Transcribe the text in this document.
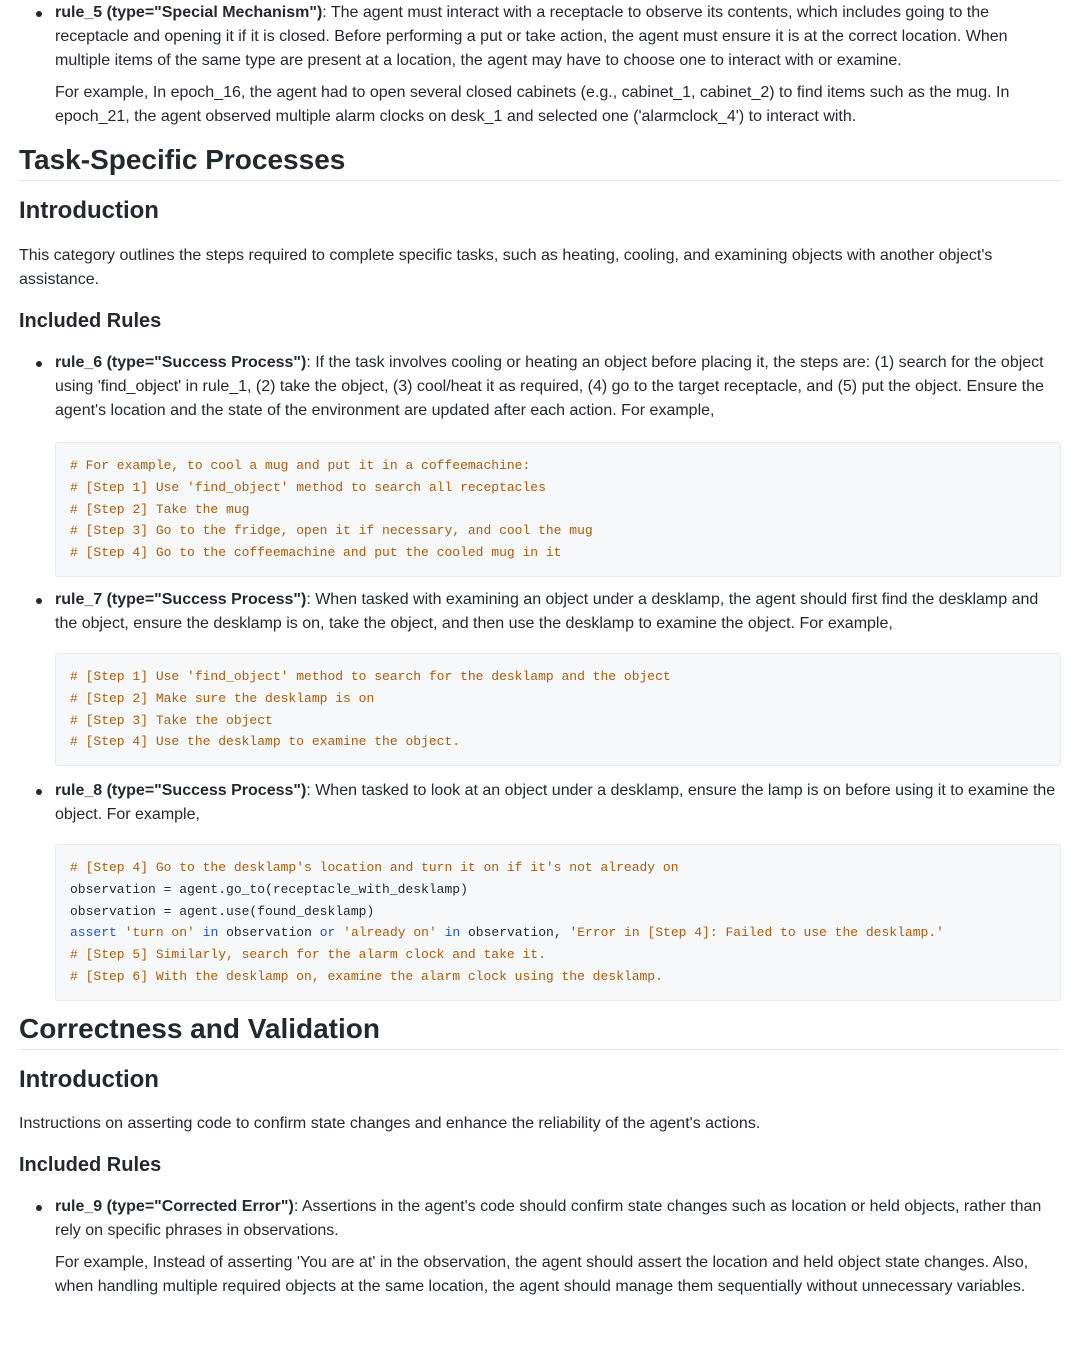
rule_5 (type="Special Mechanism"): The agent must interact with a receptacle to observe its contents, which includes going to the receptacle and opening it if it is closed. Before performing a put or take action, the agent must ensure it is at the correct location. When multiple items of the same type are present at a location, the agent may have to choose one to interact with or examine.

For example, In epoch_16, the agent had to open several closed cabinets (e.g., cabinet_1, cabinet_2) to find items such as the mug. In epoch_21, the agent observed multiple alarm clocks on desk_1 and selected one ('alarmclock_4') to interact with.

Task-Specific Processes
Introduction

This category outlines the steps required to complete specific tasks, such as heating, cooling, and examining objects with another object's assistance.

Included Rules

rule_6 (type="Success Process"): If the task involves cooling or heating an object before placing it, the steps are: (1) search for the object using 'find_object' in rule_1, (2) take the object, (3) cool/heat it as required, (4) go to the target receptacle, and (5) put the object. Ensure the agent's location and the state of the environment are updated after each action. For example,

# For example, to cool a mug and put it in a coffeemachine:
# [Step 1] Use 'find_object' method to search all receptacles
# [Step 2] Take the mug
# [Step 3] Go to the fridge, open it if necessary, and cool the mug
# [Step 4] Go to the coffeemachine and put the cooled mug in it

rule_7 (type="Success Process"): When tasked with examining an object under a desklamp, the agent should first find the desklamp and the object, ensure the desklamp is on, take the object, and then use the desklamp to examine the object. For example,

# [Step 1] Use 'find_object' method to search for the desklamp and the object
# [Step 2] Make sure the desklamp is on
# [Step 3] Take the object
# [Step 4] Use the desklamp to examine the object.

rule_8 (type="Success Process"): When tasked to look at an object under a desklamp, ensure the lamp is on before using it to examine the object. For example,

# [Step 4] Go to the desklamp's location and turn it on if it's not already on
observation = agent.go_to(receptacle_with_desklamp)
observation = agent.use(found_desklamp)
assert 'turn on' in observation or 'already on' in observation, 'Error in [Step 4]: Failed to use the desklamp.'
# [Step 5] Similarly, search for the alarm clock and take it.
# [Step 6] With the desklamp on, examine the alarm clock using the desklamp.
Correctness and Validation
Introduction

Instructions on asserting code to confirm state changes and enhance the reliability of the agent's actions.

Included Rules

rule_9 (type="Corrected Error"): Assertions in the agent's code should confirm state changes such as location or held objects, rather than rely on specific phrases in observations.

For example, Instead of asserting 'You are at' in the observation, the agent should assert the location and held object state changes. Also, when handling multiple required objects at the same location, the agent should manage them sequentially without unnecessary variables.
